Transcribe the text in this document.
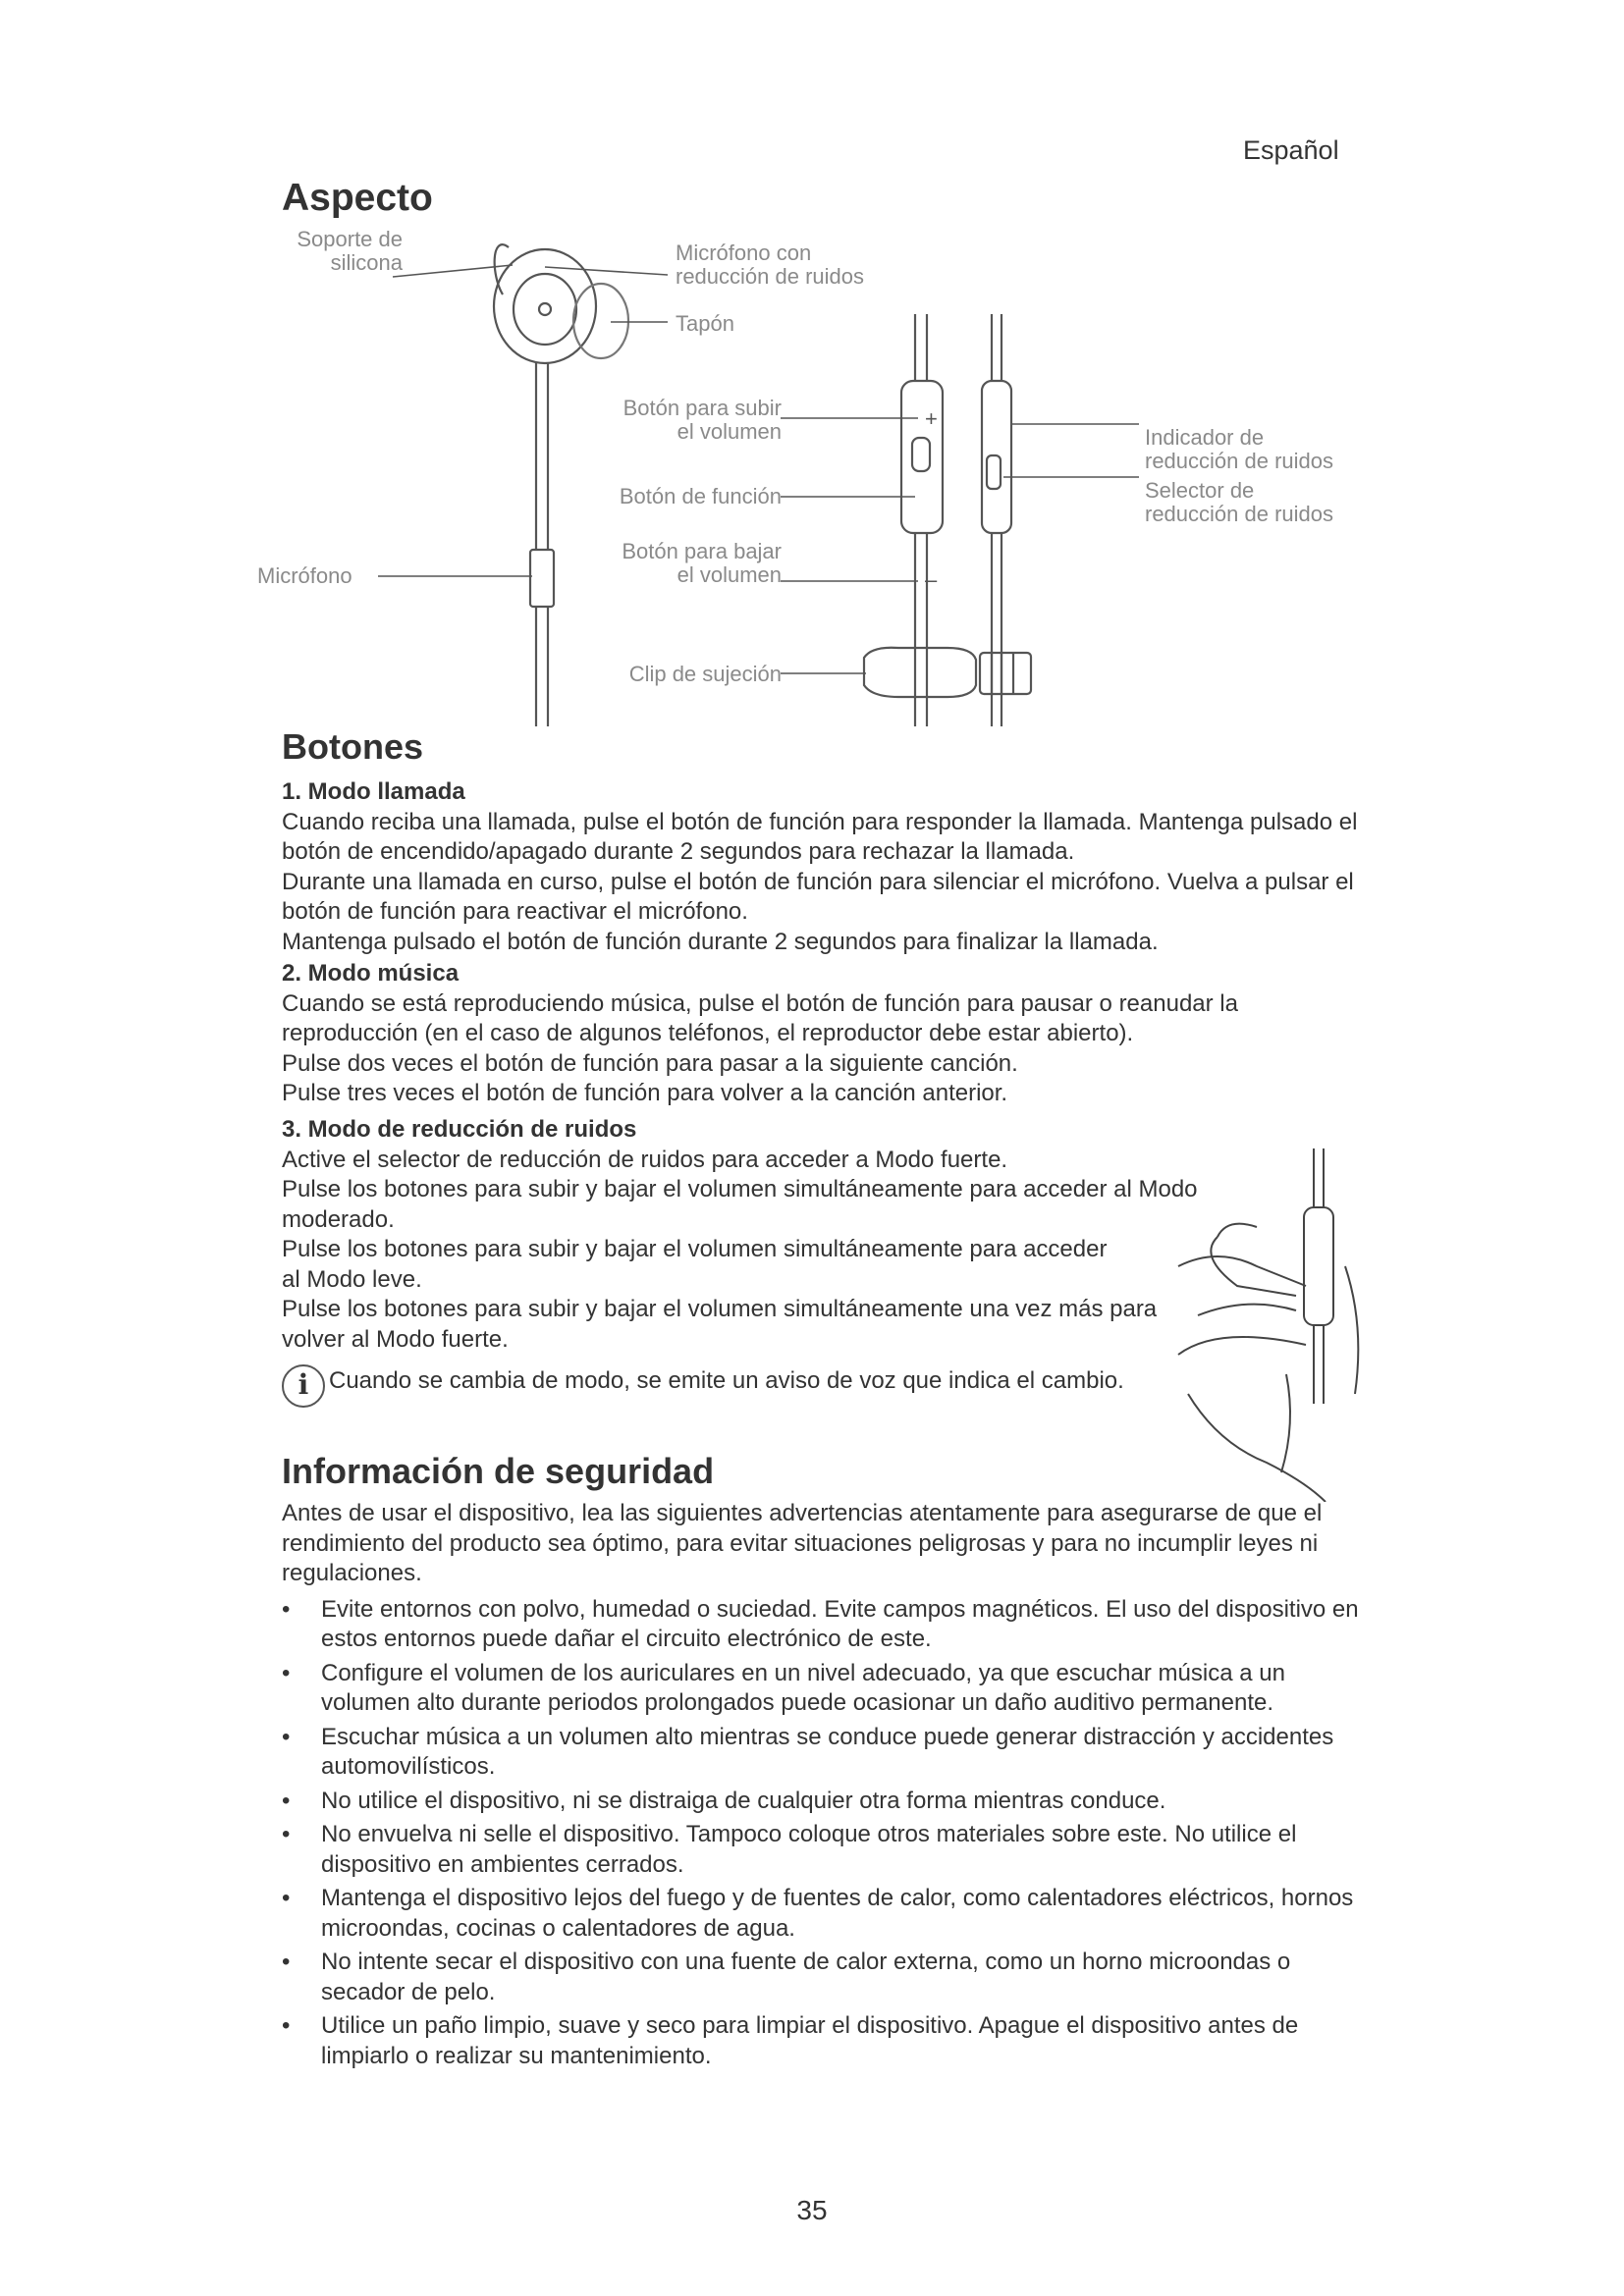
Español
Aspecto
+
–
Soporte de
silicona	Micrófono con
reducción de ruidos
Tapón
Botón para subir
el volumen
Botón de función
Botón para bajar
el volumen
Micrófono
Clip de sujeción
Indicador de
reducción de ruidos
Selector de
reducción de ruidos
Botones

1. Modo llamada

Cuando reciba una llamada, pulse el botón de función para responder la llamada. Mantenga pulsado el botón de encendido/apagado durante 2 segundos para rechazar la llamada.

Durante una llamada en curso, pulse el botón de función para silenciar el micrófono. Vuelva a pulsar el botón de función para reactivar el micrófono.

Mantenga pulsado el botón de función durante 2 segundos para finalizar la llamada.

2. Modo música

Cuando se está reproduciendo música, pulse el botón de función para pausar o reanudar la reproducción (en el caso de algunos teléfonos, el reproductor debe estar abierto).

Pulse dos veces el botón de función para pasar a la siguiente canción.

Pulse tres veces el botón de función para volver a la canción anterior.

3. Modo de reducción de ruidos

Active el selector de reducción de ruidos para acceder a Modo fuerte.

Pulse los botones para subir y bajar el volumen simultáneamente para acceder al Modo moderado.

Pulse los botones para subir y bajar el volumen simultáneamente para acceder al Modo leve.

Pulse los botones para subir y bajar el volumen simultáneamente una vez más para volver al Modo fuerte.

i Cuando se cambia de modo, se emite un aviso de voz que indica el cambio.
Información de seguridad

Antes de usar el dispositivo, lea las siguientes advertencias atentamente para asegurarse de que el rendimiento del producto sea óptimo, para evitar situaciones peligrosas y para no incumplir leyes ni regulaciones.

• Evite entornos con polvo, humedad o suciedad. Evite campos magnéticos. El uso del dispositivo en estos entornos puede dañar el circuito electrónico de este.
• Configure el volumen de los auriculares en un nivel adecuado, ya que escuchar música a un volumen alto durante periodos prolongados puede ocasionar un daño auditivo permanente.
• Escuchar música a un volumen alto mientras se conduce puede generar distracción y accidentes automovilísticos.
• No utilice el dispositivo, ni se distraiga de cualquier otra forma mientras conduce.
• No envuelva ni selle el dispositivo. Tampoco coloque otros materiales sobre este. No utilice el dispositivo en ambientes cerrados.
• Mantenga el dispositivo lejos del fuego y de fuentes de calor, como calentadores eléctricos, hornos microondas, cocinas o calentadores de agua.
• No intente secar el dispositivo con una fuente de calor externa, como un horno microondas o secador de pelo.
• Utilice un paño limpio, suave y seco para limpiar el dispositivo. Apague el dispositivo antes de limpiarlo o realizar su mantenimiento.
35
